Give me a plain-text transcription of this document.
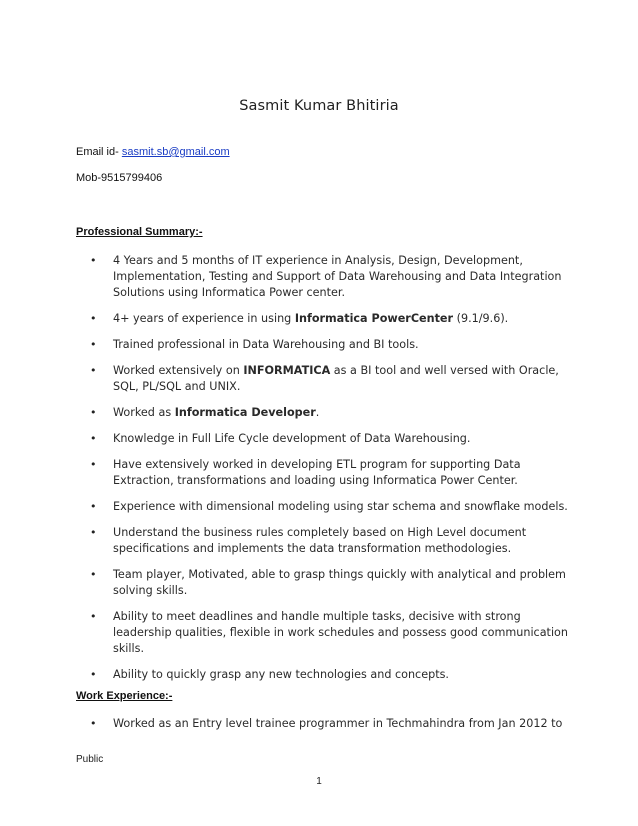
Sasmit Kumar Bhitiria
Email id- sasmit.sb@gmail.com
Mob-9515799406
Professional Summary:-
• 4 Years and 5 months of IT experience in Analysis, Design, Development, Implementation, Testing and Support of Data Warehousing and Data Integration Solutions using Informatica Power center.
• 4+ years of experience in using Informatica PowerCenter (9.1/9.6).
• Trained professional in Data Warehousing and BI tools.
• Worked extensively on INFORMATICA as a BI tool and well versed with Oracle, SQL, PL/SQL and UNIX.
• Worked as Informatica Developer.
• Knowledge in Full Life Cycle development of Data Warehousing.
• Have extensively worked in developing ETL program for supporting Data Extraction, transformations and loading using Informatica Power Center.
• Experience with dimensional modeling using star schema and snowflake models.
• Understand the business rules completely based on High Level document specifications and implements the data transformation methodologies.
• Team player, Motivated, able to grasp things quickly with analytical and problem solving skills.
• Ability to meet deadlines and handle multiple tasks, decisive with strong leadership qualities, flexible in work schedules and possess good communication skills.
• Ability to quickly grasp any new technologies and concepts.
Work Experience:-
• Worked as an Entry level trainee programmer in Techmahindra from Jan 2012 to
Public
1
